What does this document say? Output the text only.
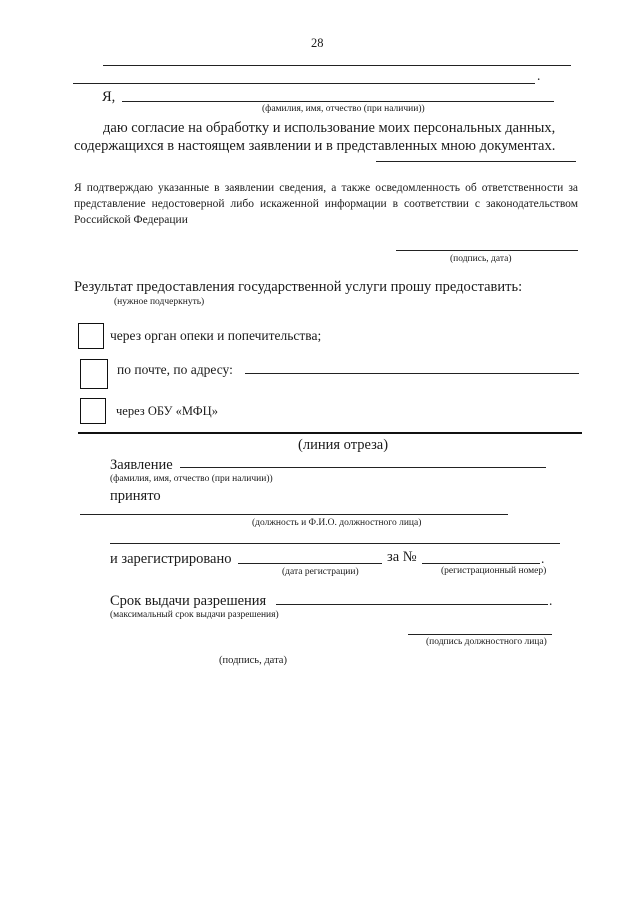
28
.
Я,
(фамилия, имя, отчество (при наличии))
даю согласие на обработку и использование моих персональных данных,
содержащихся в настоящем заявлении и в представленных мною документах.
Я подтверждаю указанные в заявлении сведения, а также осведомленность об ответственности за представление недостоверной либо искаженной информации в соответствии с законодательством Российской Федерации
(подпись, дата)
Результат предоставления государственной услуги прошу предоставить:
(нужное подчеркнуть)
через орган опеки и попечительства;
по почте, по адресу:
через ОБУ «МФЦ»
(линия отреза)
Заявление
(фамилия, имя, отчество (при наличии))
принято
(должность и Ф.И.О. должностного лица)
и зарегистрировано	за №	.
(дата регистрации)	(регистрационный номер)
Срок выдачи разрешения	.
(максимальный срок выдачи разрешения)
(подпись должностного лица)
(подпись, дата)
